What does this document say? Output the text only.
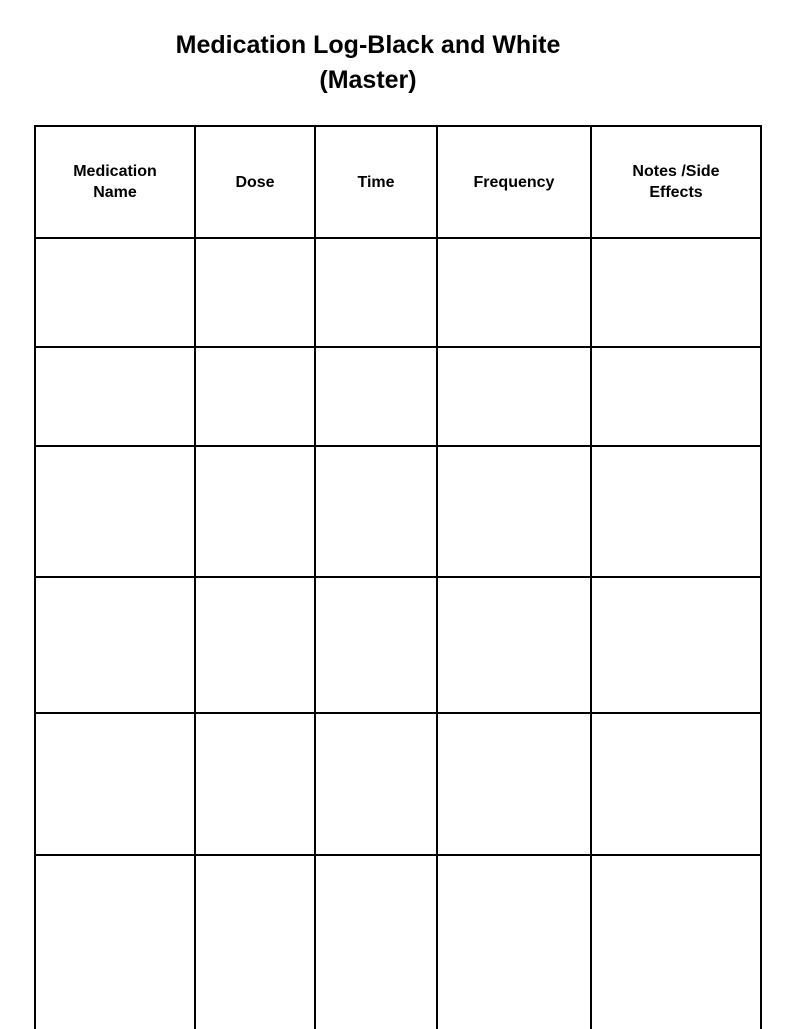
Medication Log-Black and White
(Master)
Medication Name	Dose	Time	Frequency	Notes /Side Effects
